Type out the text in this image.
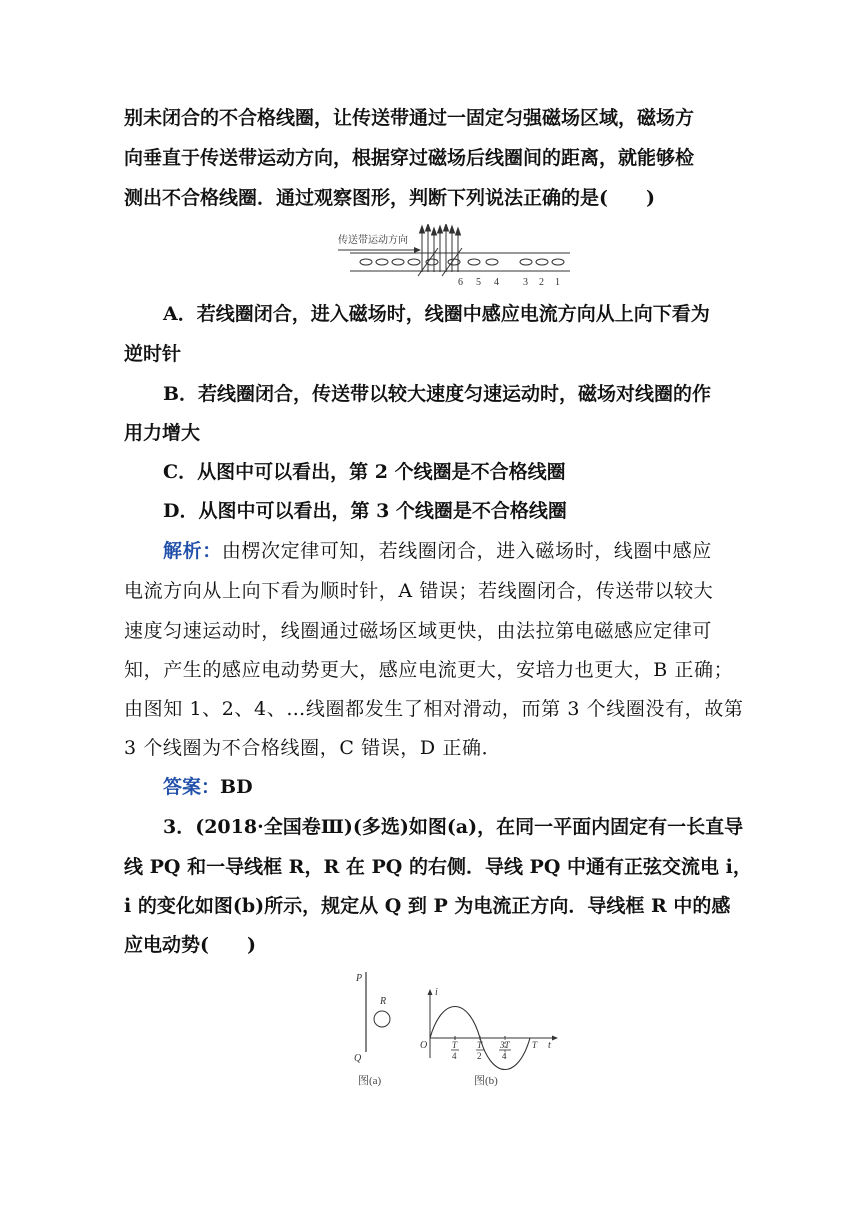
别未闭合的不合格线圈，让传送带通过一固定匀强磁场区域，磁场方
向垂直于传送带运动方向，根据穿过磁场后线圈间的距离，就能够检
测出不合格线圈．通过观察图形，判断下列说法正确的是(　　)
传送带运动方向
6 5 4 3 2 1
A．若线圈闭合，进入磁场时，线圈中感应电流方向从上向下看为
逆时针
B．若线圈闭合，传送带以较大速度匀速运动时，磁场对线圈的作
用力增大
C．从图中可以看出，第 2 个线圈是不合格线圈
D．从图中可以看出，第 3 个线圈是不合格线圈
解析：由楞次定律可知，若线圈闭合，进入磁场时，线圈中感应
电流方向从上向下看为顺时针，A 错误；若线圈闭合，传送带以较大
速度匀速运动时，线圈通过磁场区域更快，由法拉第电磁感应定律可
知，产生的感应电动势更大，感应电流更大，安培力也更大，B 正确；
由图知 1、2、4、…线圈都发生了相对滑动，而第 3 个线圈没有，故第
3 个线圈为不合格线圈，C 错误，D 正确．
答案：BD
3．(2018·全国卷Ⅲ)(多选)如图(a)，在同一平面内固定有一长直导
线 PQ 和一导线框 R，R 在 PQ 的右侧．导线 PQ 中通有正弦交流电 i，
i 的变化如图(b)所示，规定从 Q 到 P 为电流正方向．导线框 R 中的感
应电动势(　　)
P
Q
R
图(a)
i
t
O	T
4
T
2
3T
4
T
图(b)
